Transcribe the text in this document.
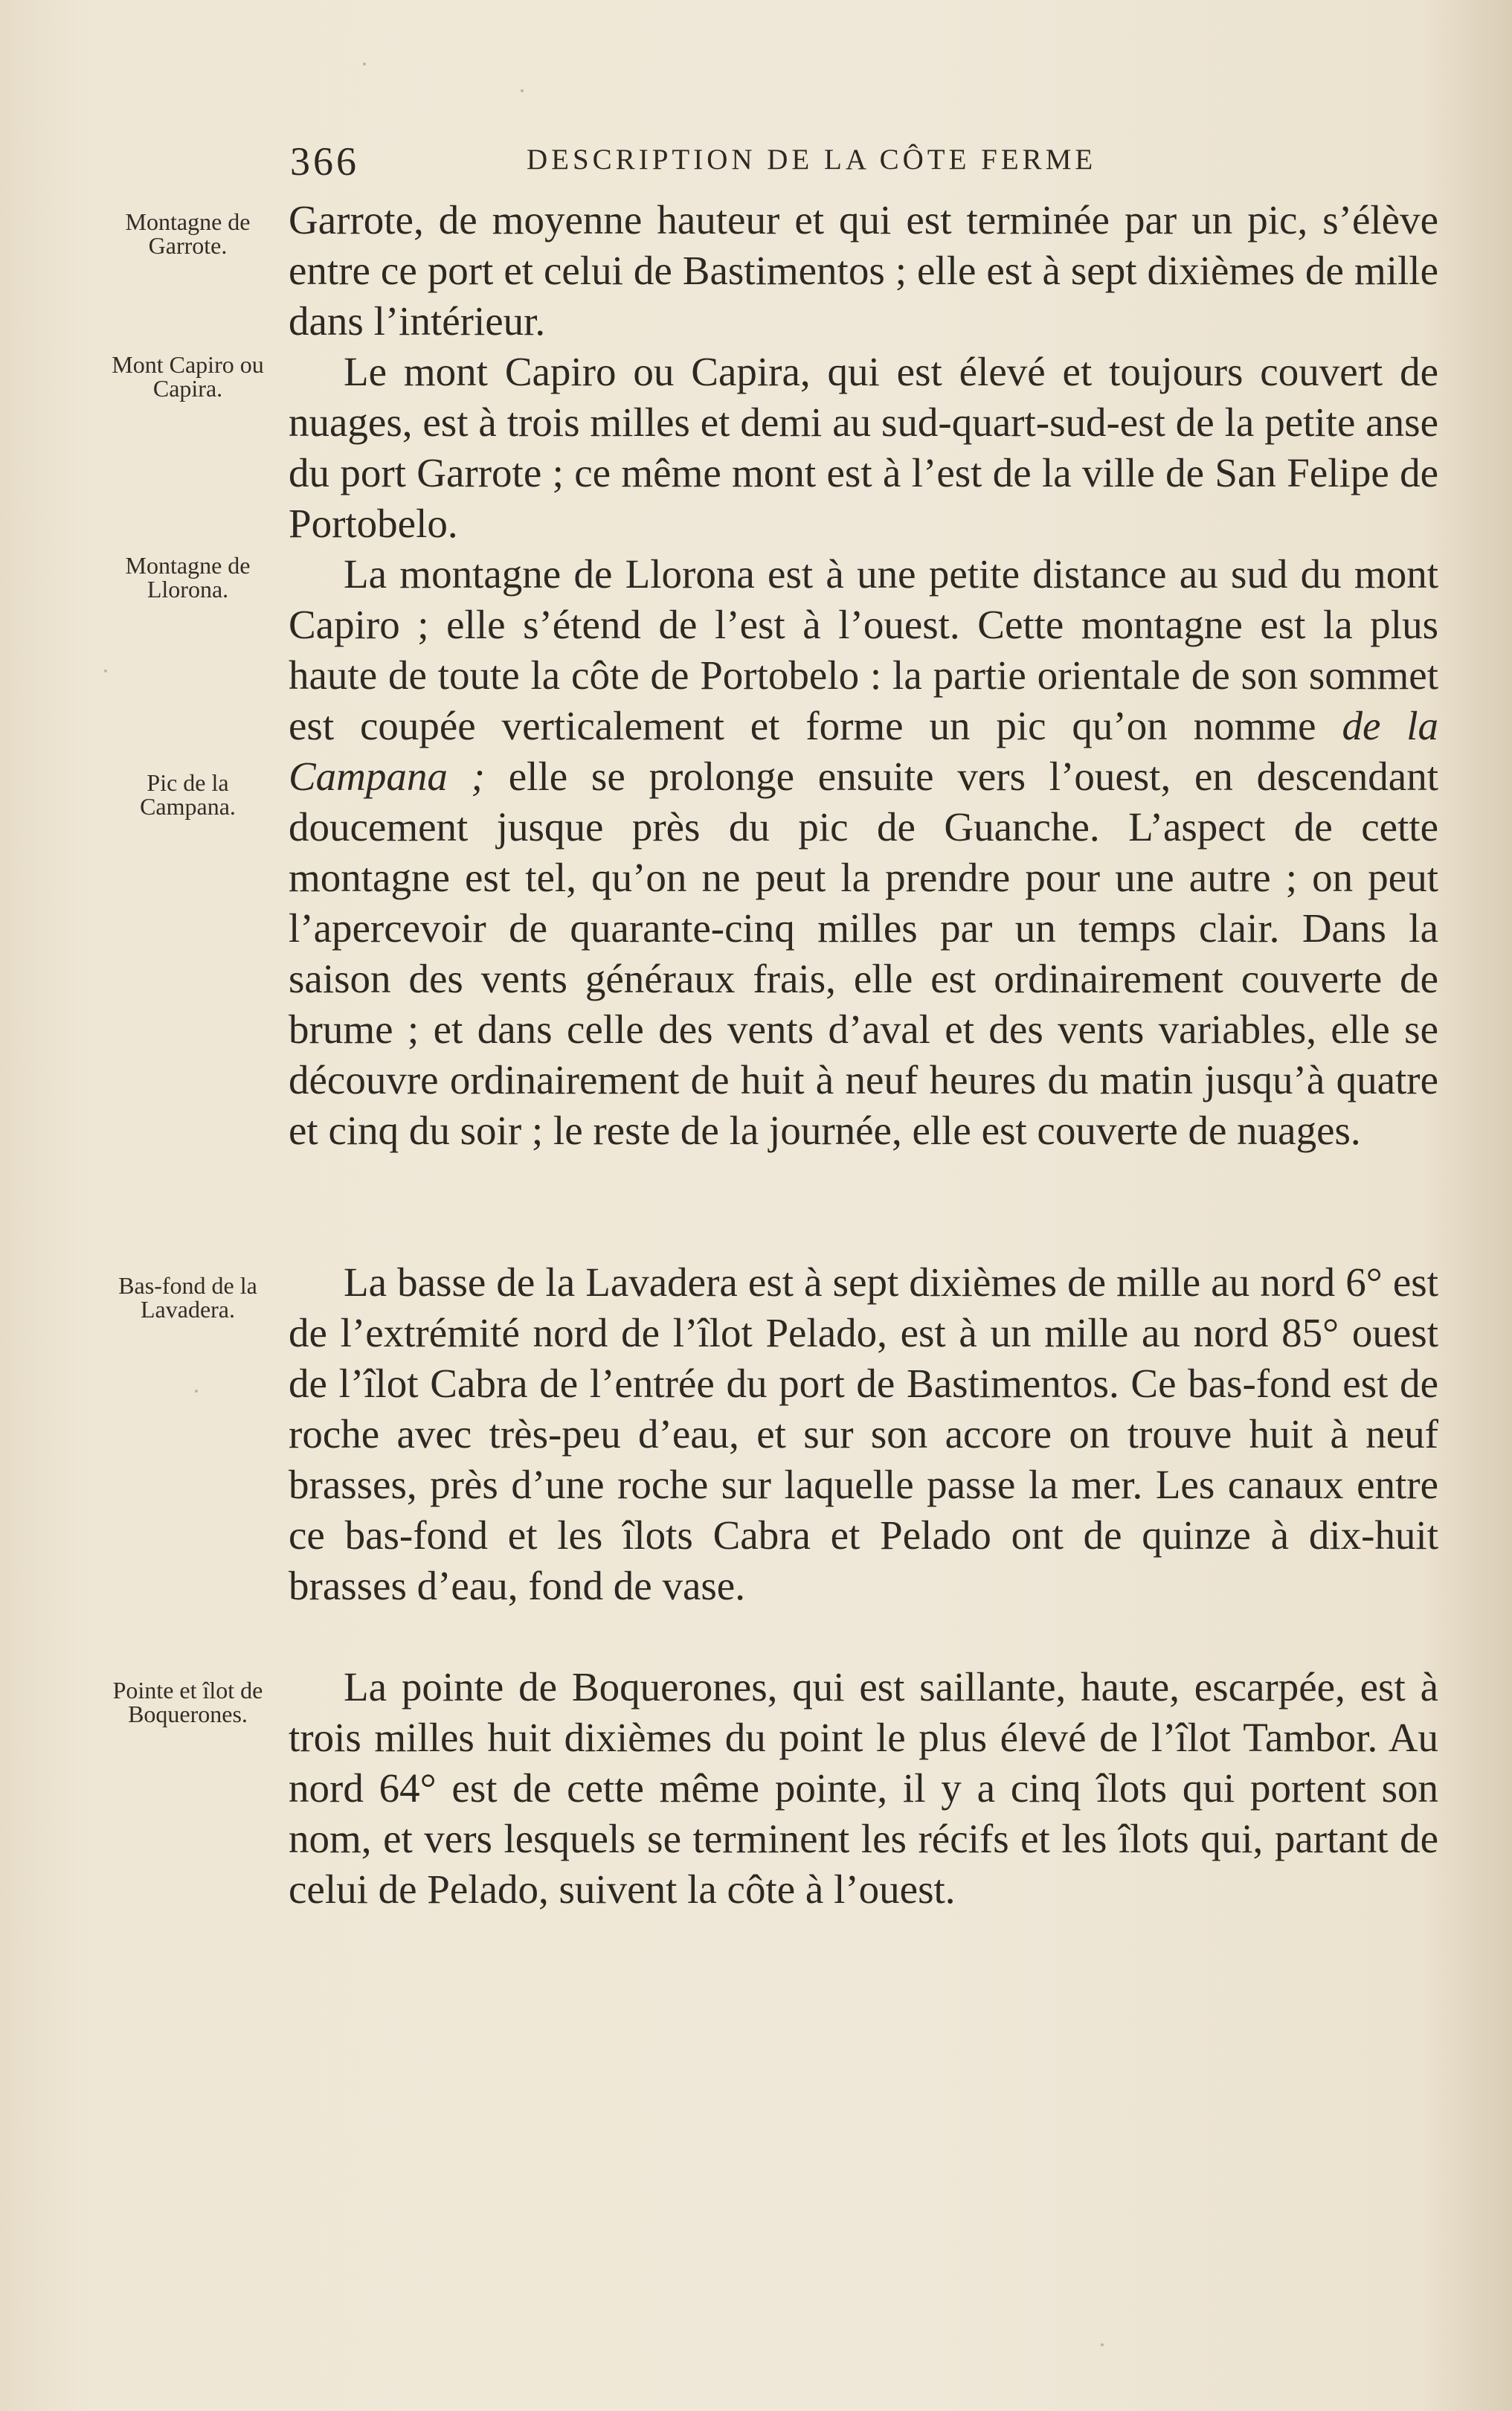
366	DESCRIPTION DE LA CÔTE FERME

Montagne de Garrote.

Mont Capiro ou Capira.

Montagne de Llorona.

Pic de la Campana.

Bas-fond de la Lavadera.

Pointe et îlot de Boquerones.

Garrote, de moyenne hauteur et qui est terminée par un pic, s’élève entre ce port et celui de Bastimentos ; elle est à sept dixièmes de mille dans l’intérieur.

Le mont Capiro ou Capira, qui est élevé et toujours couvert de nuages, est à trois milles et demi au sud-quart-sud-est de la petite anse du port Garrote ; ce même mont est à l’est de la ville de San Felipe de Portobelo.

La montagne de Llorona est à une petite distance au sud du mont Capiro ; elle s’étend de l’est à l’ouest. Cette montagne est la plus haute de toute la côte de Portobelo : la partie orientale de son sommet est coupée verticalement et forme un pic qu’on nomme de la Campana ; elle se prolonge ensuite vers l’ouest, en descendant doucement jusque près du pic de Guanche. L’aspect de cette montagne est tel, qu’on ne peut la prendre pour une autre ; on peut l’apercevoir de quarante-cinq milles par un temps clair. Dans la saison des vents généraux frais, elle est ordinairement couverte de brume ; et dans celle des vents d’aval et des vents variables, elle se découvre ordinairement de huit à neuf heures du matin jusqu’à quatre et cinq du soir ; le reste de la journée, elle est couverte de nuages.

La basse de la Lavadera est à sept dixièmes de mille au nord 6° est de l’extrémité nord de l’îlot Pelado, est à un mille au nord 85° ouest de l’îlot Cabra de l’entrée du port de Bastimentos. Ce bas-fond est de roche avec très-peu d’eau, et sur son accore on trouve huit à neuf brasses, près d’une roche sur laquelle passe la mer. Les canaux entre ce bas-fond et les îlots Cabra et Pelado ont de quinze à dix-huit brasses d’eau, fond de vase.

La pointe de Boquerones, qui est saillante, haute, escarpée, est à trois milles huit dixièmes du point le plus élevé de l’îlot Tambor. Au nord 64° est de cette même pointe, il y a cinq îlots qui portent son nom, et vers lesquels se terminent les récifs et les îlots qui, partant de celui de Pelado, suivent la côte à l’ouest.
